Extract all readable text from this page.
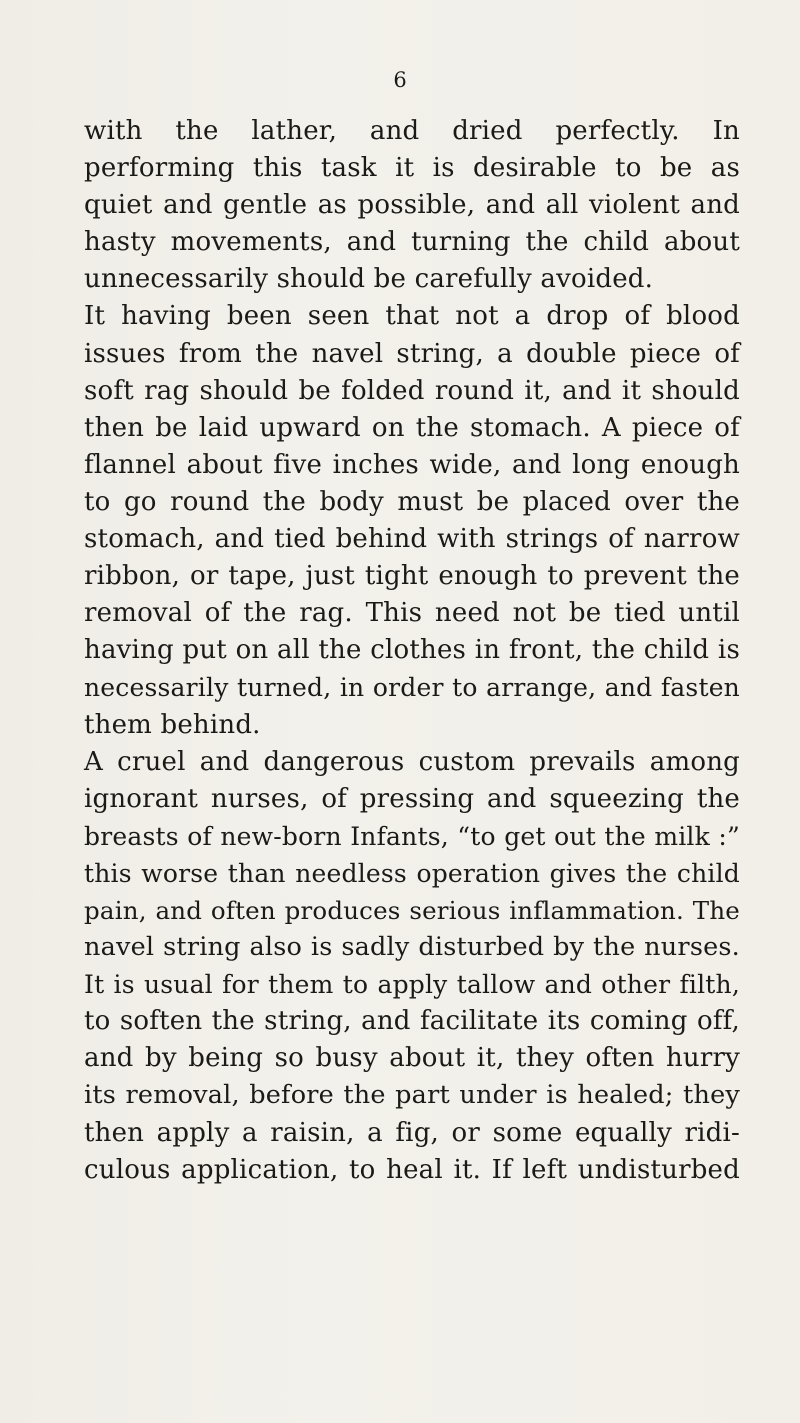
6
with the lather, and dried perfectly. In
performing this task it is desirable to be as
quiet and gentle as possible, and all violent and
hasty movements, and turning the child about
unnecessarily should be carefully avoided.
It having been seen that not a drop of blood
issues from the navel string, a double piece of
soft rag should be folded round it, and it should
then be laid upward on the stomach. A piece of
flannel about five inches wide, and long enough
to go round the body must be placed over the
stomach, and tied behind with strings of narrow
ribbon, or tape, just tight enough to prevent the
removal of the rag. This need not be tied until
having put on all the clothes in front, the child is
necessarily turned, in order to arrange, and fasten
them behind.
A cruel and dangerous custom prevails among
ignorant nurses, of pressing and squeezing the
breasts of new-born Infants, “to get out the milk :”
this worse than needless operation gives the child
pain, and often produces serious inflammation. The
navel string also is sadly disturbed by the nurses.
It is usual for them to apply tallow and other filth,
to soften the string, and facilitate its coming off,
and by being so busy about it, they often hurry
its removal, before the part under is healed; they
then apply a raisin, a fig, or some equally ridi-
culous application, to heal it. If left undisturbed
